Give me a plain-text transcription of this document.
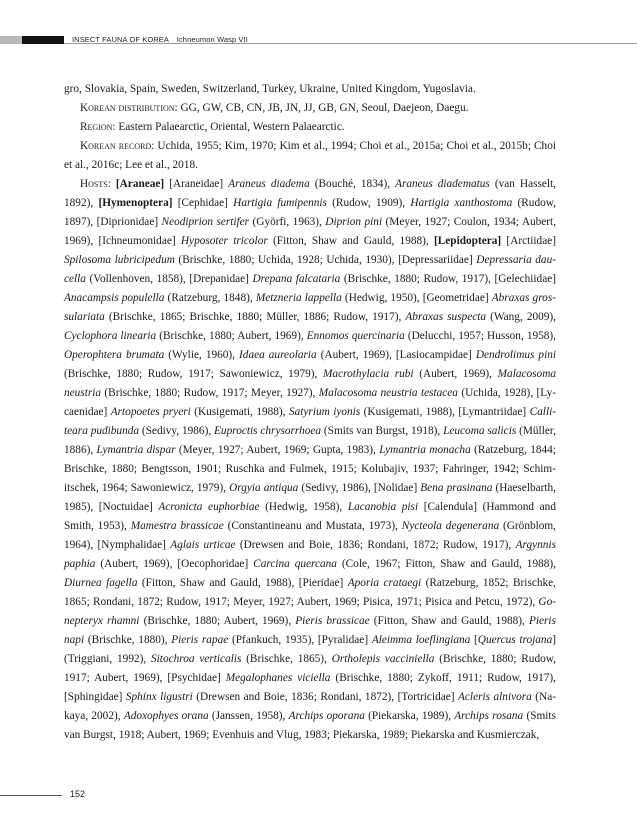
INSECT FAUNA OF KOREA Ichneumon Wasp VII

gro, Slovakia, Spain, Sweden, Switzerland, Turkey, Ukraine, United Kingdom, Yugoslavia.

Korean distribution: GG, GW, CB, CN, JB, JN, JJ, GB, GN, Seoul, Daejeon, Daegu.

Region: Eastern Palaearctic, Oriental, Western Palaearctic.

Korean record: Uchida, 1955; Kim, 1970; Kim et al., 1994; Choi et al., 2015a; Choi et al., 2015b; Choi et al., 2016c; Lee et al., 2018.

Hosts: [Araneae] [Araneidae] Araneus diadema (Bouché, 1834), Araneus diadematus (van Hasselt, 1892), [Hymenoptera] [Cephidae] Hartigia fumipennis (Rudow, 1909), Hartigia xanthostoma (Rudow, 1897), [Diprionidae] Neodiprion sertifer (Györfi, 1963), Diprion pini (Meyer, 1927; Coulon, 1934; Aubert, 1969), [Ichneumonidae] Hyposoter tricolor (Fitton, Shaw and Gauld, 1988), [Lepidoptera] [Arctiidae] Spilosoma lubricipedum (Brischke, 1880; Uchida, 1928; Uchida, 1930), [Depressariidae] Depressaria daucella (Vollenhoven, 1858), [Drepanidae] Drepana falcataria (Brischke, 1880; Rudow, 1917), [Gelechiidae] Anacampsis populella (Ratzeburg, 1848), Metzneria lappella (Hedwig, 1950), [Geometridae] Abraxas grossulariata (Brischke, 1865; Brischke, 1880; Müller, 1886; Rudow, 1917), Abraxas suspecta (Wang, 2009), Cyclophora linearia (Brischke, 1880; Aubert, 1969), Ennomos quercinaria (Delucchi, 1957; Husson, 1958), Operophtera brumata (Wylie, 1960), Idaea aureolaria (Aubert, 1969), [Lasiocampidae] Dendrolimus pini (Brischke, 1880; Rudow, 1917; Sawoniewicz, 1979), Macrothylacia rubi (Aubert, 1969), Malacosoma neustria (Brischke, 1880; Rudow, 1917; Meyer, 1927), Malacosoma neustria testacea (Uchida, 1928), [Lycaenidae] Artopoetes pryeri (Kusigemati, 1988), Satyrium iyonis (Kusigemati, 1988), [Lymantriidae] Calliteara pudibunda (Sedivy, 1986), Euproctis chrysorrhoea (Smits van Burgst, 1918), Leucoma salicis (Müller, 1886), Lymantria dispar (Meyer, 1927; Aubert, 1969; Gupta, 1983), Lymantria monacha (Ratzeburg, 1844; Brischke, 1880; Bengtsson, 1901; Ruschka and Fulmek, 1915; Kolubajiv, 1937; Fahringer, 1942; Schimitschek, 1964; Sawoniewicz, 1979), Orgyia antiqua (Sedivy, 1986), [Nolidae] Bena prasinana (Haeselbarth, 1985), [Noctuidae] Acronicta euphorbiae (Hedwig, 1958), Lacanobia pisi [Calendula] (Hammond and Smith, 1953), Mamestra brassicae (Constantineanu and Mustata, 1973), Nycteola degenerana (Grönblom, 1964), [Nymphalidae] Aglais urticae (Drewsen and Boie, 1836; Rondani, 1872; Rudow, 1917), Argynnis paphia (Aubert, 1969), [Oecophoridae] Carcina quercana (Cole, 1967; Fitton, Shaw and Gauld, 1988), Diurnea fagella (Fitton, Shaw and Gauld, 1988), [Pieridae] Aporia crataegi (Ratzeburg, 1852; Brischke, 1865; Rondani, 1872; Rudow, 1917; Meyer, 1927; Aubert, 1969; Pisica, 1971; Pisica and Petcu, 1972), Gonepteryx rhamni (Brischke, 1880; Aubert, 1969), Pieris brassicae (Fitton, Shaw and Gauld, 1988), Pieris napi (Brischke, 1880), Pieris rapae (Pfankuch, 1935), [Pyralidae] Aleimma loeflingiana [Quercus trojana] (Triggiani, 1992), Sitochroa verticalis (Brischke, 1865), Ortholepis vacciniella (Brischke, 1880; Rudow, 1917; Aubert, 1969), [Psychidae] Megalophanes viciella (Brischke, 1880; Zykoff, 1911; Rudow, 1917), [Sphingidae] Sphinx ligustri (Drewsen and Boie, 1836; Rondani, 1872), [Tortricidae] Acleris alnivora (Nakaya, 2002), Adoxophyes orana (Janssen, 1958), Archips oporana (Piekarska, 1989), Archips rosana (Smits van Burgst, 1918; Aubert, 1969; Evenhuis and Vlug, 1983; Piekarska, 1989; Piekarska and Kusmierczak,

152
